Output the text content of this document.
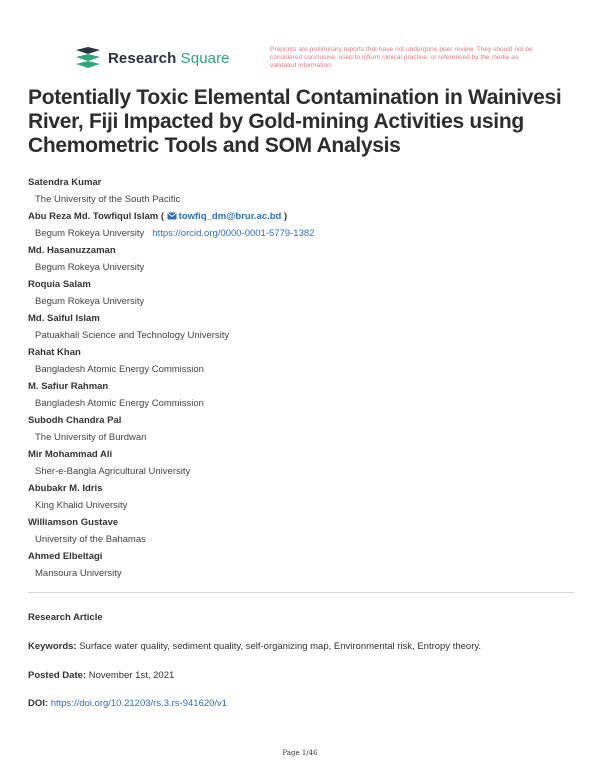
Research Square	Preprints are preliminary reports that have not undergone peer review. They should not be considered conclusive, used to inform clinical practice, or referenced by the media as validated information.
Potentially Toxic Elemental Contamination in Wainivesi River, Fiji Impacted by Gold-mining Activities using Chemometric Tools and SOM Analysis
Satendra Kumar
The University of the South Pacific
Abu Reza Md. Towfiqul Islam ( towfiq_dm@brur.ac.bd )
Begum Rokeya University https://orcid.org/0000-0001-5779-1382
Md. Hasanuzzaman
Begum Rokeya University
Roquia Salam
Begum Rokeya University
Md. Saiful Islam
Patuakhali Science and Technology University
Rahat Khan
Bangladesh Atomic Energy Commission
M. Safiur Rahman
Bangladesh Atomic Energy Commission
Subodh Chandra Pal
The University of Burdwan
Mir Mohammad Ali
Sher-e-Bangla Agricultural University
Abubakr M. Idris
King Khalid University
Williamson Gustave
University of the Bahamas
Ahmed Elbeltagi
Mansoura University
Research Article
Keywords: Surface water quality, sediment quality, self-organizing map, Environmental risk, Entropy theory.
Posted Date: November 1st, 2021
DOI: https://doi.org/10.21203/rs.3.rs-941620/v1
Page 1/46
